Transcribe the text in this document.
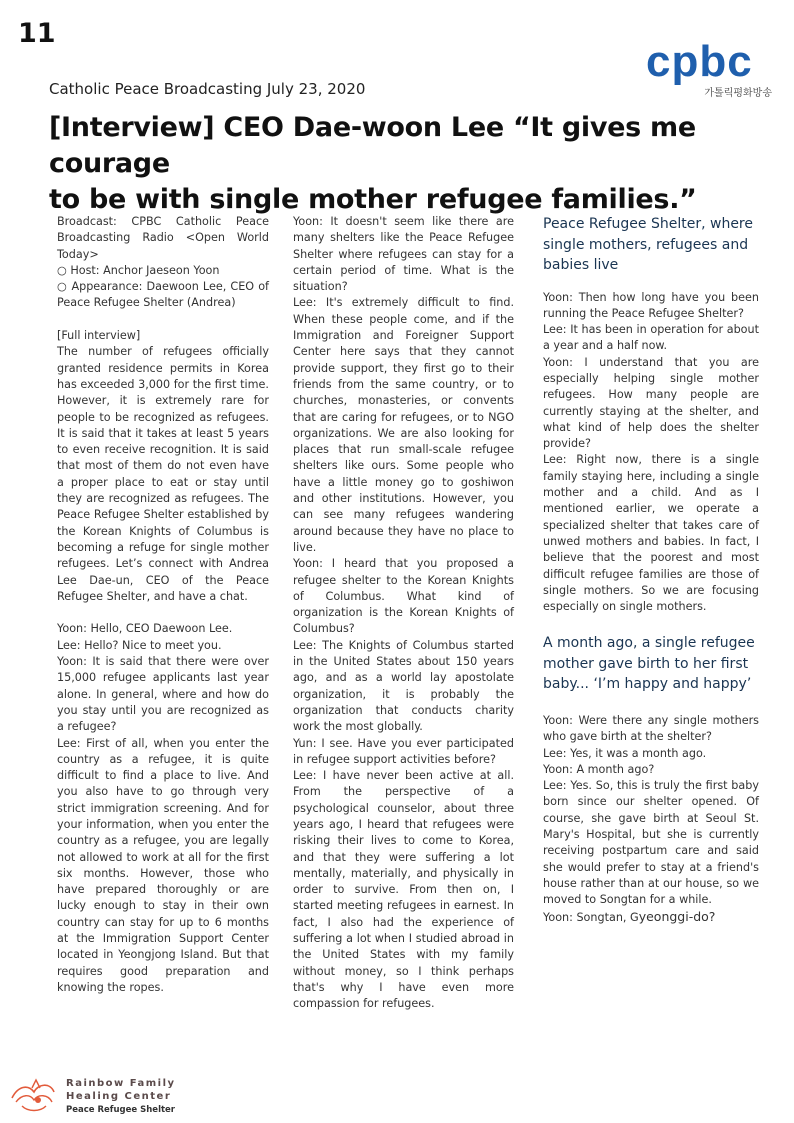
11
cpbc
가톨릭평화방송
Catholic Peace Broadcasting July 23, 2020
[Interview] CEO Dae-woon Lee “It gives me courage
to be with single mother refugee families.”

Broadcast: CPBC Catholic Peace Broadcasting Radio <Open World Today>

○ Host: Anchor Jaeseon Yoon

○ Appearance: Daewoon Lee, CEO of Peace Refugee Shelter (Andrea)

[Full interview]

The number of refugees officially granted residence permits in Korea has exceeded 3,000 for the first time. However, it is extremely rare for people to be recognized as refugees. It is said that it takes at least 5 years to even receive recognition. It is said that most of them do not even have a proper place to eat or stay until they are recognized as refugees. The Peace Refugee Shelter established by the Korean Knights of Columbus is becoming a refuge for single mother refugees. Let’s connect with Andrea Lee Dae-un, CEO of the Peace Refugee Shelter, and have a chat.

Yoon: Hello, CEO Daewoon Lee.

Lee: Hello? Nice to meet you.

Yoon: It is said that there were over 15,000 refugee applicants last year alone. In general, where and how do you stay until you are recognized as a refugee?

Lee: First of all, when you enter the country as a refugee, it is quite difficult to find a place to live. And you also have to go through very strict immigration screening. And for your information, when you enter the country as a refugee, you are legally not allowed to work at all for the first six months. However, those who have prepared thoroughly or are lucky enough to stay in their own country can stay for up to 6 months at the Immigration Support Center located in Yeongjong Island. But that requires good preparation and knowing the ropes.

Yoon: It doesn't seem like there are many shelters like the Peace Refugee Shelter where refugees can stay for a certain period of time. What is the situation?

Lee: It's extremely difficult to find. When these people come, and if the Immigration and Foreigner Support Center here says that they cannot provide support, they first go to their friends from the same country, or to churches, monasteries, or convents that are caring for refugees, or to NGO organizations. We are also looking for places that run small-scale refugee shelters like ours. Some people who have a little money go to goshiwon and other institutions. However, you can see many refugees wandering around because they have no place to live.

Yoon: I heard that you proposed a refugee shelter to the Korean Knights of Columbus. What kind of organization is the Korean Knights of Columbus?

Lee: The Knights of Columbus started in the United States about 150 years ago, and as a world lay apostolate organization, it is probably the organization that conducts charity work the most globally.

Yun: I see. Have you ever participated in refugee support activities before?

Lee: I have never been active at all. From the perspective of a psychological counselor, about three years ago, I heard that refugees were risking their lives to come to Korea, and that they were suffering a lot mentally, materially, and physically in order to survive. From then on, I started meeting refugees in earnest. In fact, I also had the experience of suffering a lot when I studied abroad in the United States with my family without money, so I think perhaps that's why I have even more compassion for refugees.

Peace Refugee Shelter, where single mothers, refugees and babies live

Yoon: Then how long have you been running the Peace Refugee Shelter?

Lee: It has been in operation for about a year and a half now.

Yoon: I understand that you are especially helping single mother refugees. How many people are currently staying at the shelter, and what kind of help does the shelter provide?

Lee: Right now, there is a single family staying here, including a single mother and a child. And as I mentioned earlier, we operate a specialized shelter that takes care of unwed mothers and babies. In fact, I believe that the poorest and most difficult refugee families are those of single mothers. So we are focusing especially on single mothers.

A month ago, a single refugee mother gave birth to her first baby... ‘I’m happy and happy’

Yoon: Were there any single mothers who gave birth at the shelter?

Lee: Yes, it was a month ago.

Yoon: A month ago?

Lee: Yes. So, this is truly the first baby born since our shelter opened. Of course, she gave birth at Seoul St. Mary's Hospital, but she is currently receiving postpartum care and said she would prefer to stay at a friend's house rather than at our house, so we moved to Songtan for a while.

Yoon: Songtan, Gyeonggi-do?

Rainbow Family
Healing Center
Peace Refugee Shelter
